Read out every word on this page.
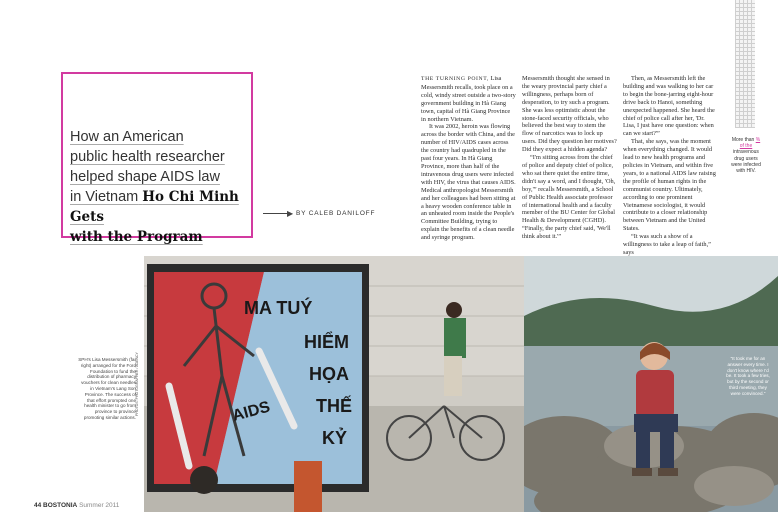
How an American
public health researcher
helped shape AIDS law
in Vietnam Ho Chi Minh Gets
with the Program
▶ BY CALEB DANILOFF

THE TURNING POINT, Lisa Messersmith recalls, took place on a cold, windy street outside a two-story government building in Hà Giang town, capital of Hà Giang Province in northern Vietnam.

It was 2002, heroin was flowing across the border with China, and the number of HIV/AIDS cases across the country had quadrupled in the past four years. In Hà Giang Province, more than half of the intravenous drug users were infected with HIV, the virus that causes AIDS. Medical anthropologist Messersmith and her colleagues had been sitting at a heavy wooden conference table in an unheated room inside the People's Committee Building, trying to explain the benefits of a clean needle and syringe program.

Messersmith thought she sensed in the weary provincial party chief a willingness, perhaps born of desperation, to try such a program. She was less optimistic about the stone-faced security officials, who believed the best way to stem the flow of narcotics was to lock up users. Did they question her motives? Did they expect a hidden agenda?

“I'm sitting across from the chief of police and deputy chief of police, who sat there quiet the entire time, didn't say a word, and I thought, 'Oh, boy,'” recalls Messersmith, a School of Public Health associate professor of international health and a faculty member of the BU Center for Global Health & Development (CGHD). “Finally, the party chief said, 'We'll think about it.'”

Then, as Messersmith left the building and was walking to her car to begin the bone-jarring eight-hour drive back to Hanoi, something unexpected happened. She heard the chief of police call after her, 'Dr. Lisa, I just have one question: when can we start?'”

That, she says, was the moment when everything changed. It would lead to new health programs and policies in Vietnam, and within five years, to a national AIDS law raising the profile of human rights in the communist country. Ultimately, according to one prominent Vietnamese sociologist, it would contribute to a closer relationship between Vietnam and the United States.

“It was such a show of a willingness to take a leap of faith,” says

More than % of the intravenous drug users were infected with HIV.
MA TUÝ
HIỂM
HỌA
THẾ
KỶ
AIDS
SPH's Lisa Messersmith (far right) arranged for the Ford Foundation to fund the distribution of pharmacy vouchers for clean needles in Vietnam's Lang Son Province. The success of that effort prompted one health minister to go from province to province promoting similar actions.
PHOTOS: PHOTOGRAPHER / AGENCY	“It took me for an answer every time. I don't know where I'd be. It took a few tries, but by the second or third meeting, they were convinced.”
44 BOSTONIA Summer 2011
